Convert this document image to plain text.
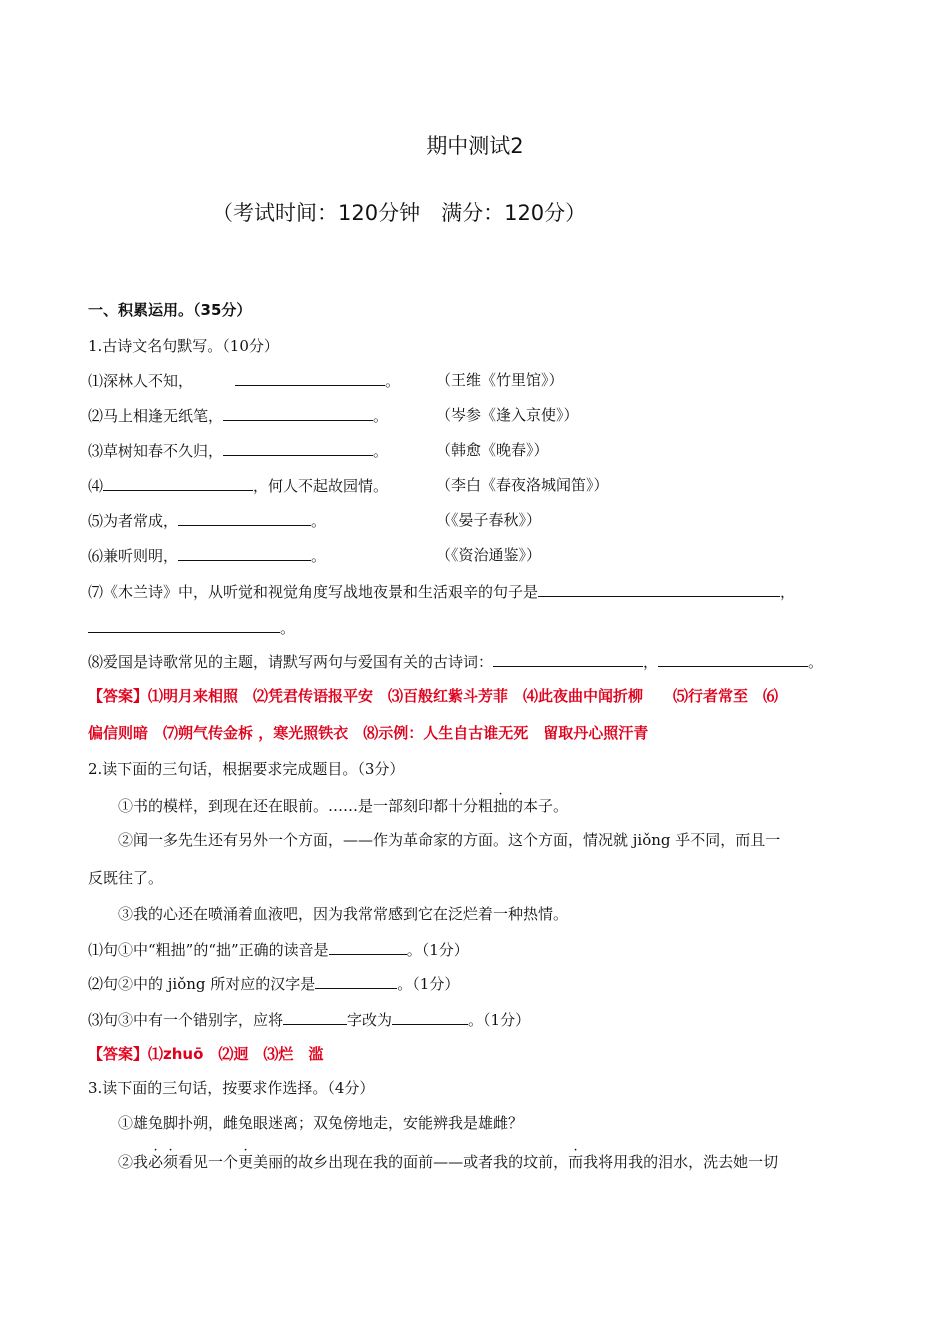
期中测试2
（考试时间：120分钟　满分：120分）
一、积累运用。（35分）
1.古诗文名句默写。（10分）
⑴深林人不知，	。 （王维《竹里馆》）
⑵马上相逢无纸笔，	。	（岑参《逢入京使》）
⑶草树知春不久归，	。	（韩愈《晚春》）
⑷	，何人不起故园情。	（李白《春夜洛城闻笛》）
⑸为者常成，	。	（《晏子春秋》）
⑹兼听则明，	。	（《资治通鉴》）
⑺《木兰诗》中，从听觉和视觉角度写战地夜景和生活艰辛的句子是	，
。
⑻爱国是诗歌常见的主题，请默写两句与爱国有关的古诗词：	，	。
【答案】⑴明月来相照　⑵凭君传语报平安　⑶百般红紫斗芳菲　⑷此夜曲中闻折柳　　⑸行者常至　⑹
偏信则暗　⑺朔气传金柝 ，寒光照铁衣　⑻示例：人生自古谁无死　留取丹心照汗青
2.读下面的三句话，根据要求完成题目。（3分）
①书的模样，到现在还在眼前。……是一部刻印都十分粗拙的本子。
②闻一多先生还有另外一个方面，——作为革命家的方面。这个方面，情况就 jiǒng 乎不同，而且一
反既往了。
③我的心还在喷涌着血液吧，因为我常常感到它在泛烂着一种热情。
⑴句①中“粗拙”的“拙”正确的读音是	。（1分）
⑵句②中的 jiǒng 所对应的汉字是	。（1分）
⑶句③中有一个错别字，应将	字改为	。（1分）
【答案】⑴zhuō　⑵迥　⑶烂　滥
3.读下面的三句话，按要求作选择。（4分）
①雄兔脚扑朔，雌兔眼迷离；双兔傍地走，安能辨我是雄雌？
②我必须看见一个更美丽的故乡出现在我的面前——或者我的坟前，而我将用我的泪水，洗去她一切
